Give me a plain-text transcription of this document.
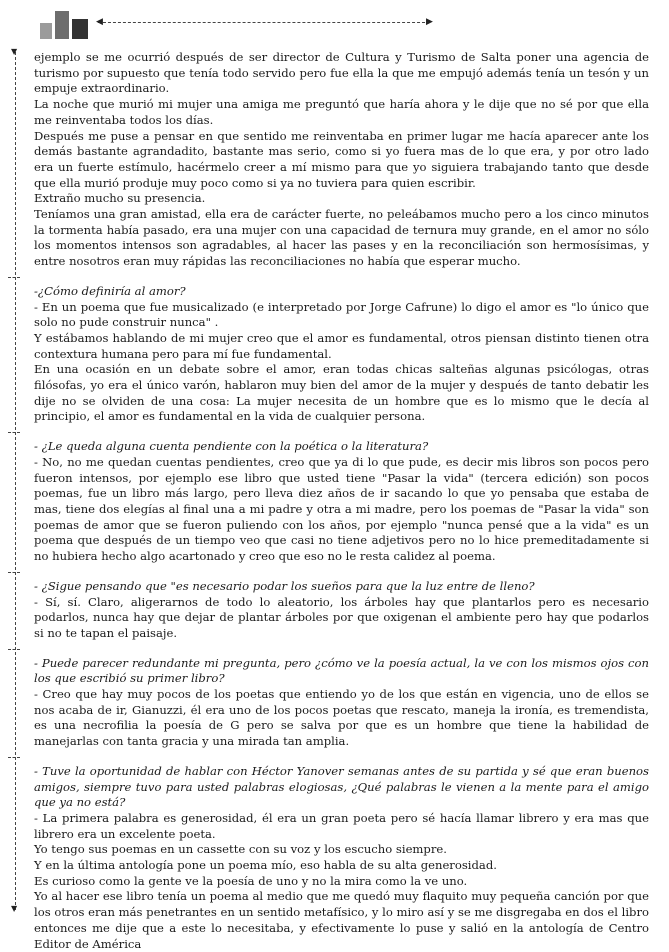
◀	▶
▼
▼

ejemplo se me ocurrió después de ser director de Cultura y Turismo de Salta poner una agencia de turismo por supuesto que tenía todo servido pero fue ella la que me empujó además tenía un tesón y un empuje extraordinario.

La noche que murió mi mujer una amiga me preguntó que haría ahora y le dije que no sé por que ella me reinventaba todos los días.

Después me puse a pensar en que sentido me reinventaba en primer lugar me hacía aparecer ante los demás bastante agrandadito, bastante mas serio, como si yo fuera mas de lo que era, y por otro lado era un fuerte estímulo, hacérmelo creer a mí mismo para que yo siguiera trabajando tanto que desde que ella murió produje muy poco como si ya no tuviera para quien escribir.

Extraño mucho su presencia.

Teníamos una gran amistad, ella era de carácter fuerte, no peleábamos mucho pero a los cinco minutos la tormenta había pasado, era una mujer con una capacidad de ternura muy grande, en el amor no sólo los momentos intensos son agradables, al hacer las pases y en la reconciliación son hermosísimas, y entre nosotros eran muy rápidas las reconciliaciones no había que esperar mucho.

-¿Cómo definiría al amor?

- En un poema que fue musicalizado (e interpretado por Jorge Cafrune) lo digo el amor es "lo único que solo no pude construir nunca" .

Y estábamos hablando de mi mujer creo que el amor es fundamental, otros piensan distinto tienen otra contextura humana pero para mí fue fundamental.

En una ocasión en un debate sobre el amor, eran todas chicas salteñas algunas psicólogas, otras filósofas, yo era el único varón, hablaron muy bien del amor de la mujer y después de tanto debatir les dije no se olviden de una cosa: La mujer necesita de un hombre que es lo mismo que le decía al principio, el amor es fundamental en la vida de cualquier persona.

- ¿Le queda alguna cuenta pendiente con la poética o la literatura?

- No, no me quedan cuentas pendientes, creo que ya di lo que pude, es decir mis libros son pocos pero fueron intensos, por ejemplo ese libro que usted tiene "Pasar la vida" (tercera edición) son pocos poemas, fue un libro más largo, pero lleva diez años de ir sacando lo que yo pensaba que estaba de mas, tiene dos elegías al final una a mi padre y otra a mi madre, pero los poemas de "Pasar la vida" son poemas de amor que se fueron puliendo con los años, por ejemplo "nunca pensé que a la vida" es un poema que después de un tiempo veo que casi no tiene adjetivos pero no lo hice premeditadamente si no hubiera hecho algo acartonado y creo que eso no le resta calidez al poema.

- ¿Sigue pensando que "es necesario podar los sueños para que la luz entre de lleno?

- Sí, sí. Claro, aligerarnos de todo lo aleatorio, los árboles hay que plantarlos pero es necesario podarlos, nunca hay que dejar de plantar árboles por que oxigenan el ambiente pero hay que podarlos si no te tapan el paisaje.

- Puede parecer redundante mi pregunta, pero ¿cómo ve la poesía actual, la ve con los mismos ojos con los que escribió su primer libro?

- Creo que hay muy pocos de los poetas que entiendo yo de los que están en vigencia, uno de ellos se nos acaba de ir, Gianuzzi, él era uno de los pocos poetas que rescato, maneja la ironía, es tremendista, es una necrofilia la poesía de G pero se salva por que es un hombre que tiene la habilidad de manejarlas con tanta gracia y una mirada tan amplia.

- Tuve la oportunidad de hablar con Héctor Yanover semanas antes de su partida y sé que eran buenos amigos, siempre tuvo para usted palabras elogiosas, ¿Qué palabras le vienen a la mente para el amigo que ya no está?

- La primera palabra es generosidad, él era un gran poeta pero sé hacía llamar librero y era mas que librero era un excelente poeta.

Yo tengo sus poemas en un cassette con su voz y los escucho siempre.

Y en la última antología pone un poema mío, eso habla de su alta generosidad.

Es curioso como la gente ve la poesía de uno y no la mira como la ve uno.

Yo al hacer ese libro tenía un poema al medio que me quedó muy flaquito muy pequeña canción por que los otros eran más penetrantes en un sentido metafísico, y lo miro así y se me disgregaba en dos el libro entonces me dije que a este lo necesitaba, y efectivamente lo puse y salió en la antología de Centro Editor de América
